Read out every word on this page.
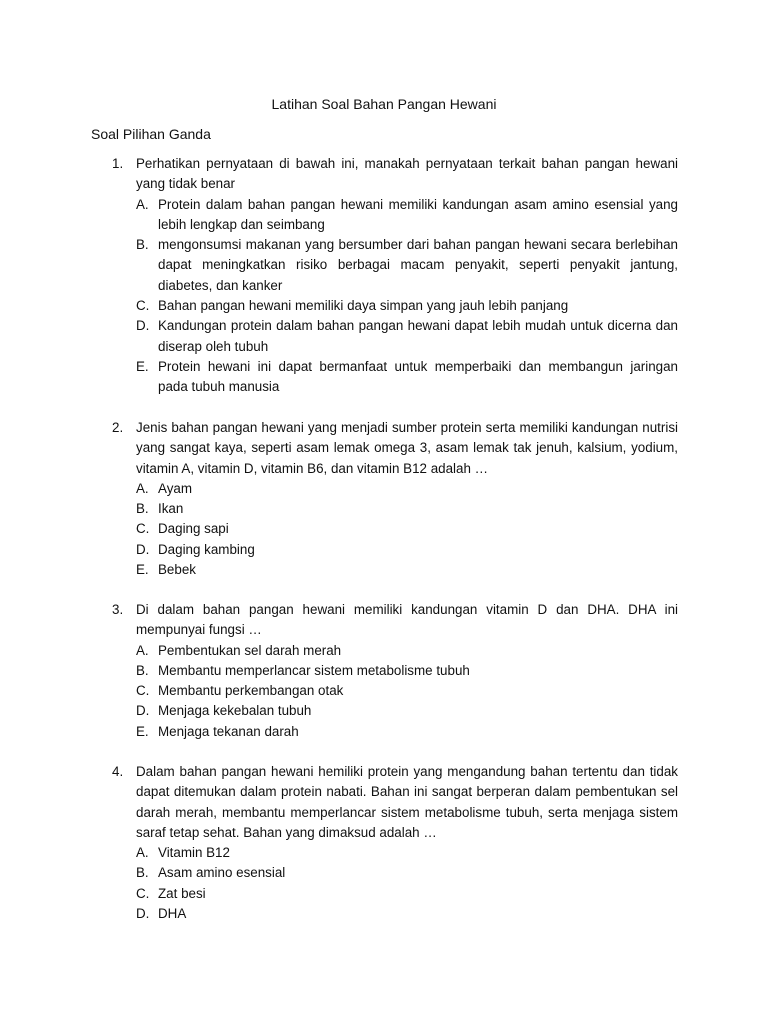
Latihan Soal Bahan Pangan Hewani
Soal Pilihan Ganda
1. Perhatikan pernyataan di bawah ini, manakah pernyataan terkait bahan pangan hewani yang tidak benar
A. Protein dalam bahan pangan hewani memiliki kandungan asam amino esensial yang lebih lengkap dan seimbang
B. mengonsumsi makanan yang bersumber dari bahan pangan hewani secara berlebihan dapat meningkatkan risiko berbagai macam penyakit, seperti penyakit jantung, diabetes, dan kanker
C. Bahan pangan hewani memiliki daya simpan yang jauh lebih panjang
D. Kandungan protein dalam bahan pangan hewani dapat lebih mudah untuk dicerna dan diserap oleh tubuh
E. Protein hewani ini dapat bermanfaat untuk memperbaiki dan membangun jaringan pada tubuh manusia
2. Jenis bahan pangan hewani yang menjadi sumber protein serta memiliki kandungan nutrisi yang sangat kaya, seperti asam lemak omega 3, asam lemak tak jenuh, kalsium, yodium, vitamin A, vitamin D, vitamin B6, dan vitamin B12 adalah …
A. Ayam
B. Ikan
C. Daging sapi
D. Daging kambing
E. Bebek
3. Di dalam bahan pangan hewani memiliki kandungan vitamin D dan DHA. DHA ini mempunyai fungsi …
A. Pembentukan sel darah merah
B. Membantu memperlancar sistem metabolisme tubuh
C. Membantu perkembangan otak
D. Menjaga kekebalan tubuh
E. Menjaga tekanan darah
4. Dalam bahan pangan hewani hemiliki protein yang mengandung bahan tertentu dan tidak dapat ditemukan dalam protein nabati. Bahan ini sangat berperan dalam pembentukan sel darah merah, membantu memperlancar sistem metabolisme tubuh, serta menjaga sistem saraf tetap sehat. Bahan yang dimaksud adalah …
A. Vitamin B12
B. Asam amino esensial
C. Zat besi
D. DHA
